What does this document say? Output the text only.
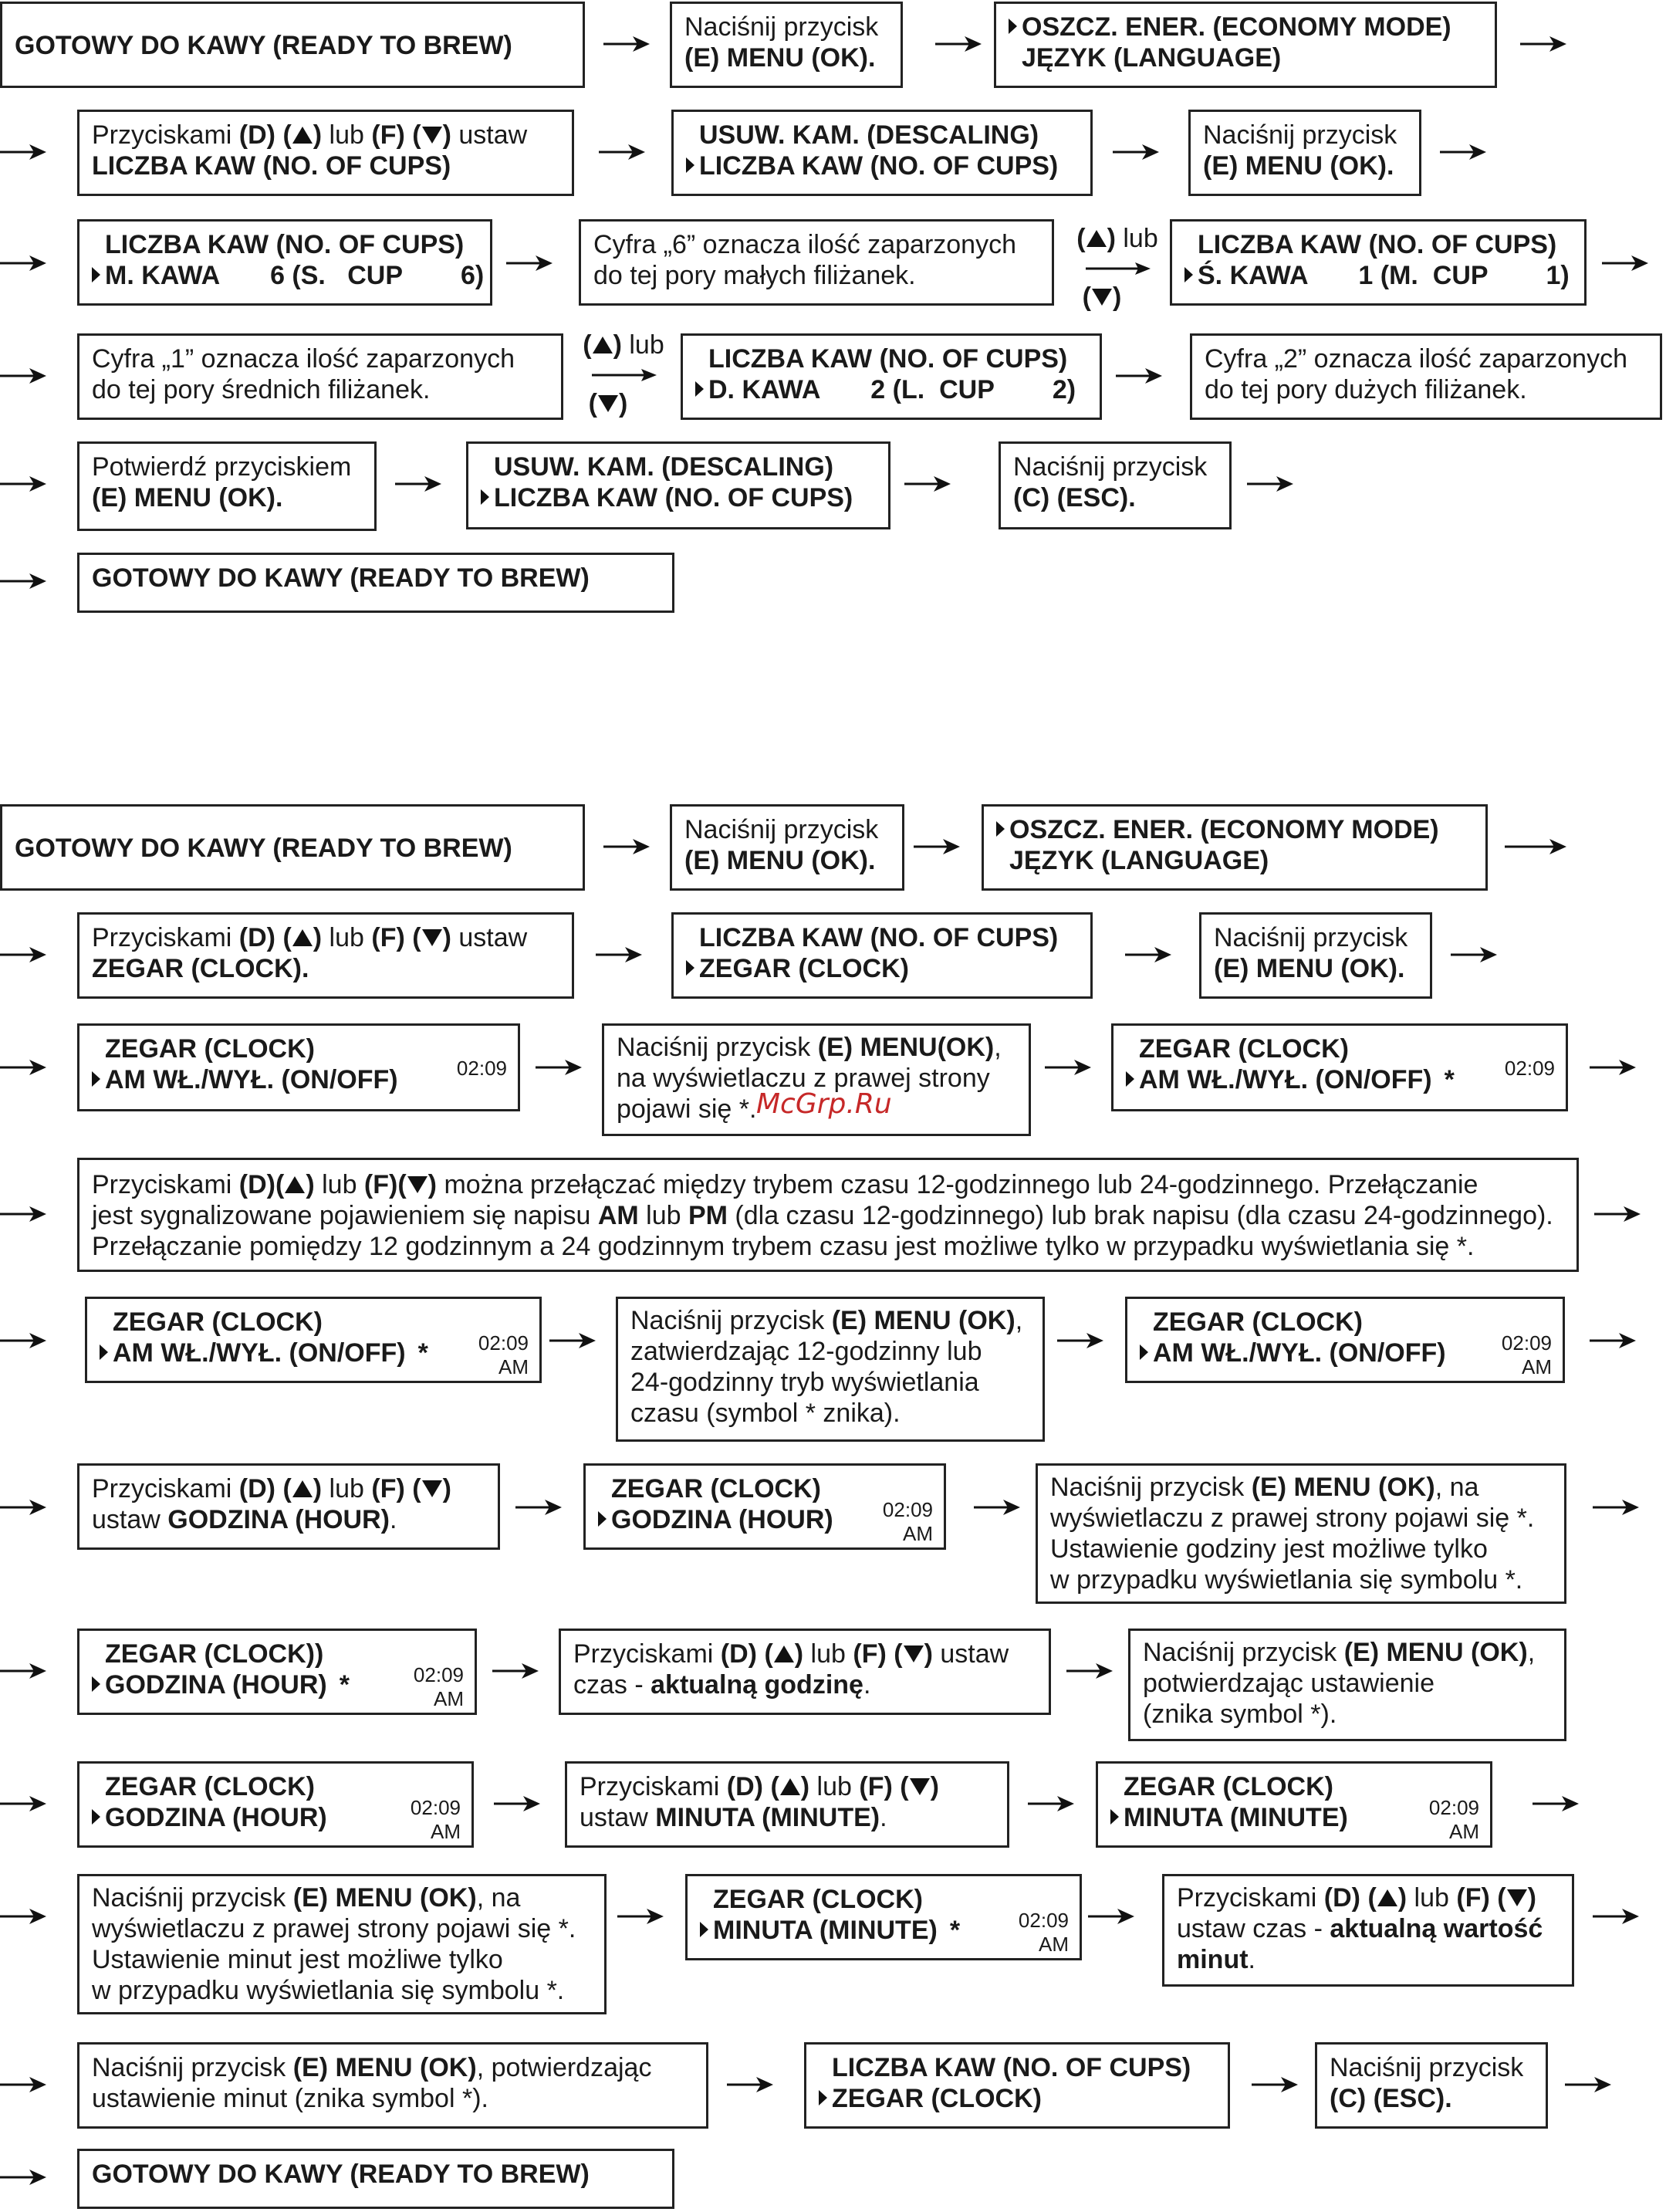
GOTOWY DO KAWY (READY TO BREW)
Naciśnij przycisk
(E) MENU (OK).
OSZCZ. ENER. (ECONOMY MODE)
JĘZYK (LANGUAGE)
Przyciskami (D) ( ) lub (F) ( ) ustaw
LICZBA KAW (NO. OF CUPS)
USUW. KAM. (DESCALING)
LICZBA KAW (NO. OF CUPS)
Naciśnij przycisk
(E) MENU (OK).
LICZBA KAW (NO. OF CUPS)
M. KAWA       6 (S.   CUP        6)
Cyfra „6” oznacza ilość zaparzonych
do tej pory małych filiżanek.
( ) lub
( )
LICZBA KAW (NO. OF CUPS)
Ś. KAWA       1 (M.  CUP        1)
Cyfra „1” oznacza ilość zaparzonych
do tej pory średnich filiżanek.
( ) lub
( )
LICZBA KAW (NO. OF CUPS)
D. KAWA       2 (L.  CUP        2)
Cyfra „2” oznacza ilość zaparzonych
do tej pory dużych filiżanek.
Potwierdź przyciskiem
(E) MENU (OK).
USUW. KAM. (DESCALING)
LICZBA KAW (NO. OF CUPS)
Naciśnij przycisk
(C) (ESC).
GOTOWY DO KAWY (READY TO BREW)
GOTOWY DO KAWY (READY TO BREW)
Naciśnij przycisk
(E) MENU (OK).
OSZCZ. ENER. (ECONOMY MODE)
JĘZYK (LANGUAGE)
Przyciskami (D) ( ) lub (F) ( ) ustaw
ZEGAR (CLOCK).
LICZBA KAW (NO. OF CUPS)
ZEGAR (CLOCK)
Naciśnij przycisk
(E) MENU (OK).
ZEGAR (CLOCK)
AM WŁ./WYŁ. (ON/OFF)	02:09
Naciśnij przycisk (E) MENU(OK),
na wyświetlaczu z prawej strony
pojawi się *. McGrp.Ru
ZEGAR (CLOCK)
AM WŁ./WYŁ. (ON/OFF) *	02:09
Przyciskami (D)( ) lub (F)( ) można przełączać między trybem czasu 12-godzinnego lub 24-godzinnego. Przełączanie
jest sygnalizowane pojawieniem się napisu AM lub PM (dla czasu 12-godzinnego) lub brak napisu (dla czasu 24-godzinnego).
Przełączanie pomiędzy 12 godzinnym a 24 godzinnym trybem czasu jest możliwe tylko w przypadku wyświetlania się *.
ZEGAR (CLOCK)
AM WŁ./WYŁ. (ON/OFF) *	02:09
AM
Naciśnij przycisk (E) MENU (OK),
zatwierdzając 12-godzinny lub
24-godzinny tryb wyświetlania
czasu (symbol * znika).
ZEGAR (CLOCK)
AM WŁ./WYŁ. (ON/OFF)	02:09
AM
Przyciskami (D) ( ) lub (F) ( )
ustaw GODZINA (HOUR).
ZEGAR (CLOCK)
GODZINA (HOUR)	02:09
AM
Naciśnij przycisk (E) MENU (OK), na
wyświetlaczu z prawej strony pojawi się *.
Ustawienie godziny jest możliwe tylko
w przypadku wyświetlania się symbolu *.
ZEGAR (CLOCK))
GODZINA (HOUR) *	02:09
AM
Przyciskami (D) ( ) lub (F) ( ) ustaw
czas - aktualną godzinę.
Naciśnij przycisk (E) MENU (OK),
potwierdzając ustawienie
(znika symbol *).
ZEGAR (CLOCK)
GODZINA (HOUR)	02:09
AM
Przyciskami (D) ( ) lub (F) ( )
ustaw MINUTA (MINUTE).
ZEGAR (CLOCK)
MINUTA (MINUTE)	02:09
AM
Naciśnij przycisk (E) MENU (OK), na
wyświetlaczu z prawej strony pojawi się *.
Ustawienie minut jest możliwe tylko
w przypadku wyświetlania się symbolu *.
ZEGAR (CLOCK)
MINUTA (MINUTE) *	02:09
AM
Przyciskami (D) ( ) lub (F) ( )
ustaw czas - aktualną wartość
minut.
Naciśnij przycisk (E) MENU (OK), potwierdzając
ustawienie minut (znika symbol *).
LICZBA KAW (NO. OF CUPS)
ZEGAR (CLOCK)
Naciśnij przycisk
(C) (ESC).
GOTOWY DO KAWY (READY TO BREW)
